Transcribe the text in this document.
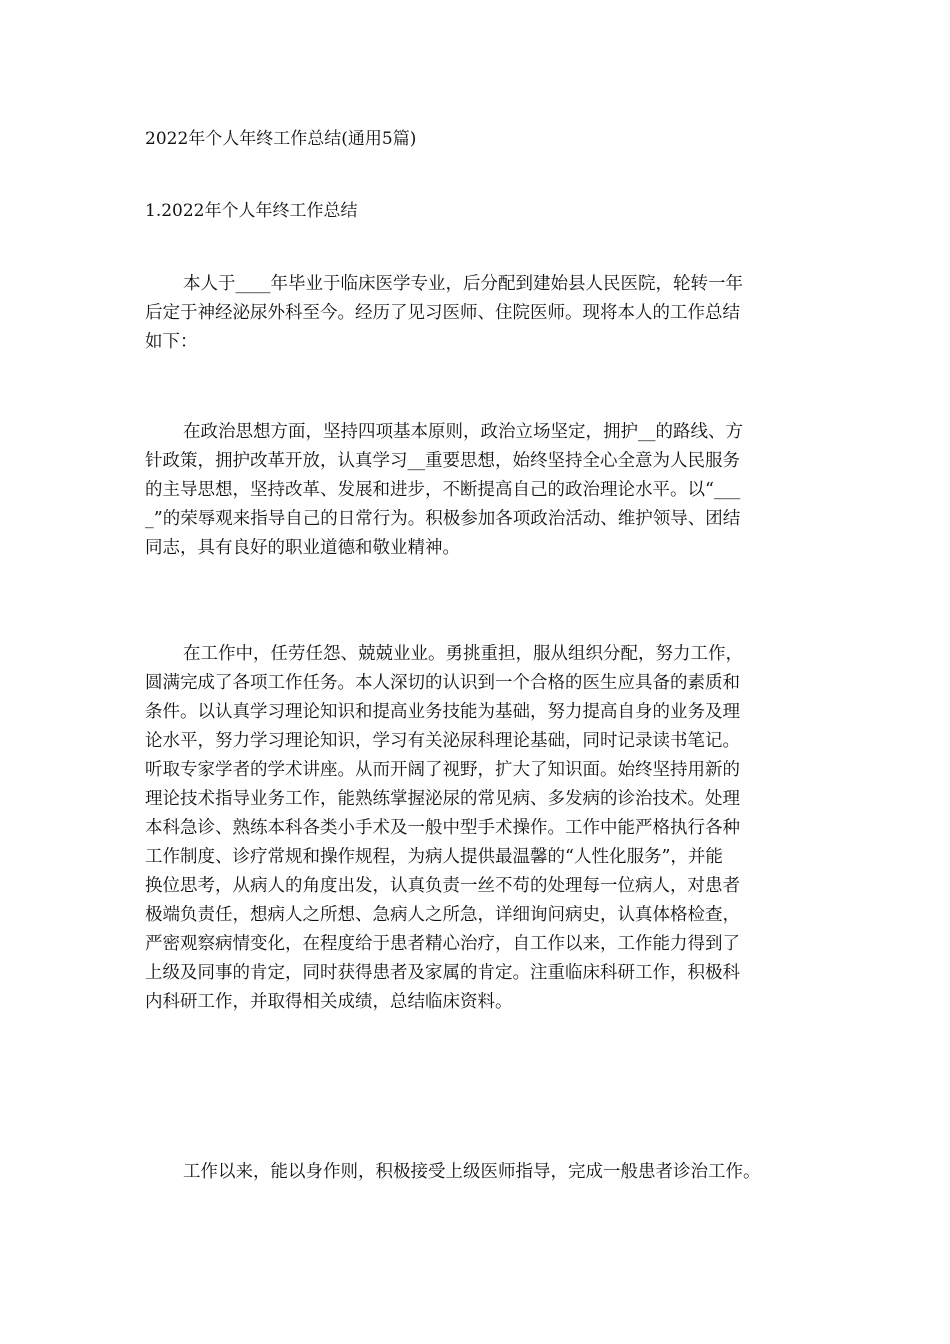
2022年个人年终工作总结(通用5篇)
1.2022年个人年终工作总结
本人于____年毕业于临床医学专业，后分配到建始县人民医院，轮转一年
后定于神经泌尿外科至今。经历了见习医师、住院医师。现将本人的工作总结
如下：
在政治思想方面，坚持四项基本原则，政治立场坚定，拥护__的路线、方
针政策，拥护改革开放，认真学习__重要思想，始终坚持全心全意为人民服务
的主导思想，坚持改革、发展和进步，不断提高自己的政治理论水平。以“___
_”的荣辱观来指导自己的日常行为。积极参加各项政治活动、维护领导、团结
同志，具有良好的职业道德和敬业精神。
在工作中，任劳任怨、兢兢业业。勇挑重担，服从组织分配，努力工作，
圆满完成了各项工作任务。本人深切的认识到一个合格的医生应具备的素质和
条件。以认真学习理论知识和提高业务技能为基础，努力提高自身的业务及理
论水平，努力学习理论知识，学习有关泌尿科理论基础，同时记录读书笔记。
听取专家学者的学术讲座。从而开阔了视野，扩大了知识面。始终坚持用新的
理论技术指导业务工作，能熟练掌握泌尿的常见病、多发病的诊治技术。处理
本科急诊、熟练本科各类小手术及一般中型手术操作。工作中能严格执行各种
工作制度、诊疗常规和操作规程，为病人提供最温馨的“人性化服务”，并能
换位思考，从病人的角度出发，认真负责一丝不苟的处理每一位病人，对患者
极端负责任，想病人之所想、急病人之所急，详细询问病史，认真体格检查，
严密观察病情变化，在程度给于患者精心治疗，自工作以来，工作能力得到了
上级及同事的肯定，同时获得患者及家属的肯定。注重临床科研工作，积极科
内科研工作，并取得相关成绩，总结临床资料。
工作以来，能以身作则，积极接受上级医师指导，完成一般患者诊治工作。
